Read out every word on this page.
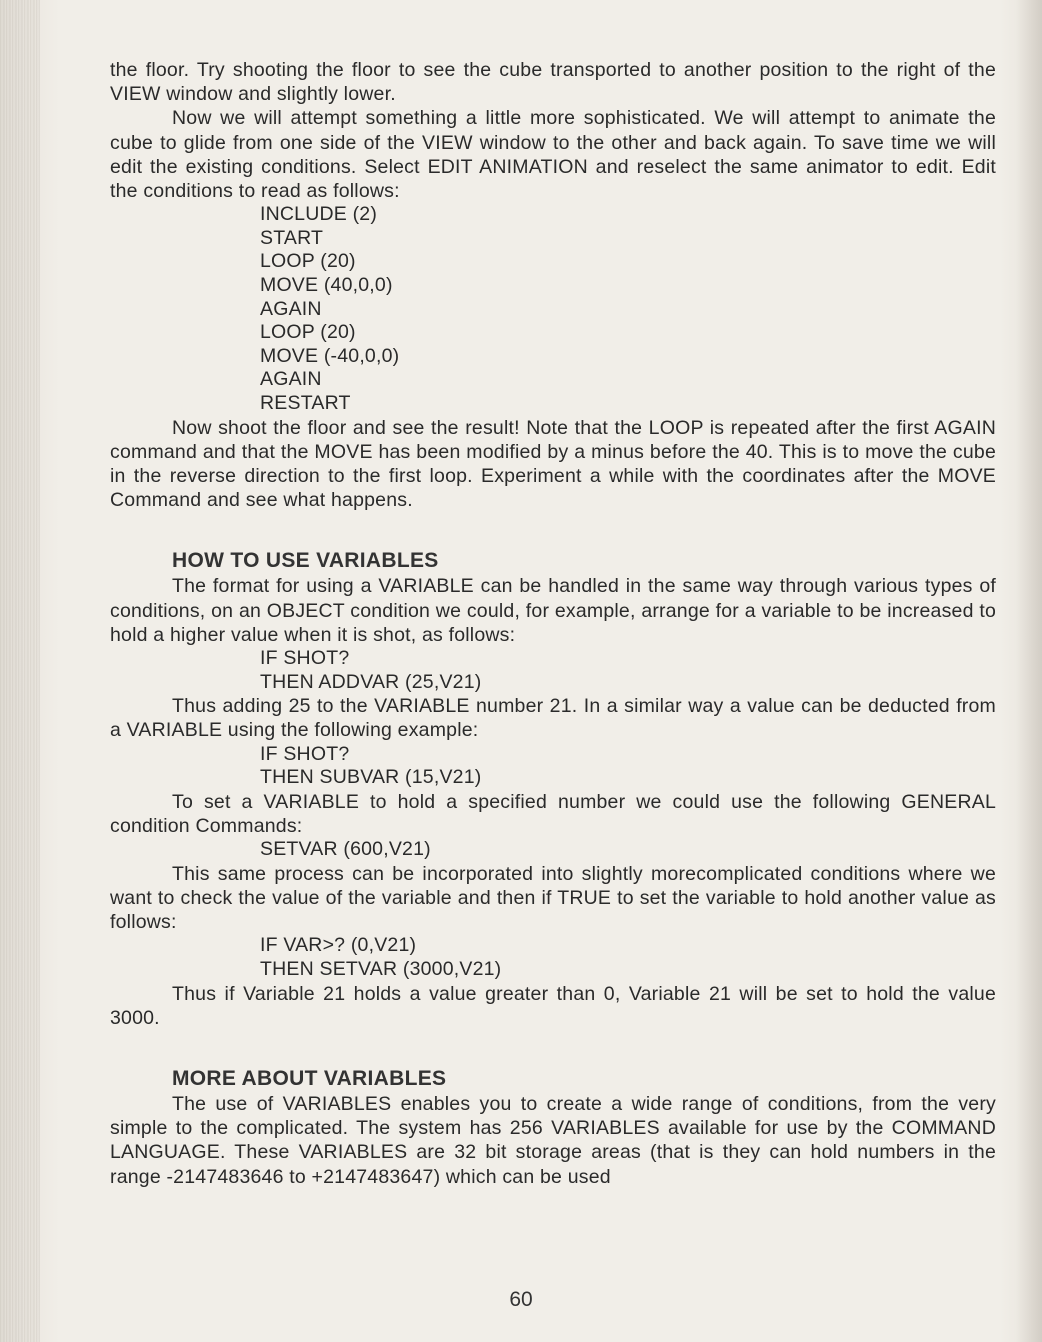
the floor. Try shooting the floor to see the cube transported to another position to the right of the VIEW window and slightly lower.

Now we will attempt something a little more sophisticated. We will attempt to animate the cube to glide from one side of the VIEW window to the other and back again. To save time we will edit the existing conditions. Select EDIT ANIMATION and reselect the same animator to edit. Edit the conditions to read as follows:

INCLUDE (2)
START
LOOP (20)
MOVE (40,0,0)
AGAIN
LOOP (20)
MOVE (-40,0,0)
AGAIN
RESTART

Now shoot the floor and see the result! Note that the LOOP is repeated after the first AGAIN command and that the MOVE has been modified by a minus before the 40. This is to move the cube in the reverse direction to the first loop. Experiment a while with the coordinates after the MOVE Command and see what happens.

HOW TO USE VARIABLES

The format for using a VARIABLE can be handled in the same way through various types of conditions, on an OBJECT condition we could, for example, arrange for a variable to be increased to hold a higher value when it is shot, as follows:

IF SHOT?
THEN ADDVAR (25,V21)

Thus adding 25 to the VARIABLE number 21. In a similar way a value can be deducted from a VARIABLE using the following example:

IF SHOT?
THEN SUBVAR (15,V21)

To set a VARIABLE to hold a specified number we could use the following GENERAL condition Commands:

SETVAR (600,V21)

This same process can be incorporated into slightly morecomplicated conditions where we want to check the value of the variable and then if TRUE to set the variable to hold another value as follows:

IF VAR>? (0,V21)
THEN SETVAR (3000,V21)

Thus if Variable 21 holds a value greater than 0, Variable 21 will be set to hold the value 3000.

MORE ABOUT VARIABLES

The use of VARIABLES enables you to create a wide range of conditions, from the very simple to the complicated. The system has 256 VARIABLES available for use by the COMMAND LANGUAGE. These VARIABLES are 32 bit storage areas (that is they can hold numbers in the range -2147483646 to +2147483647) which can be used

60
